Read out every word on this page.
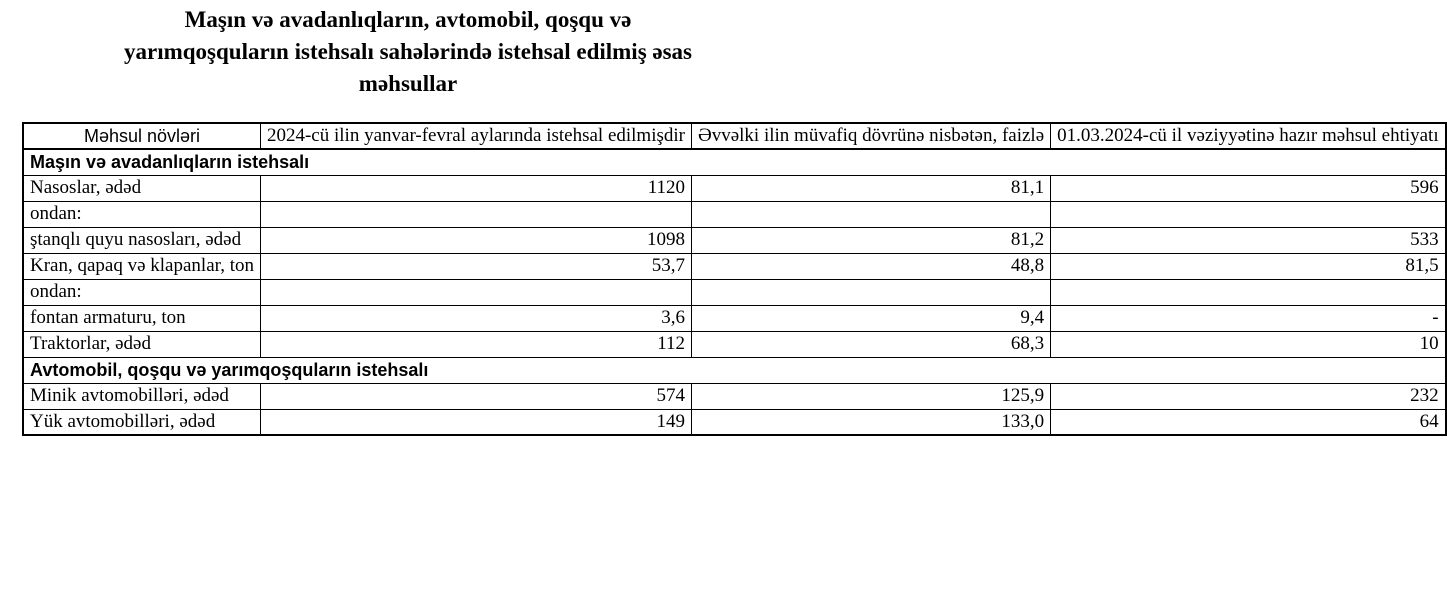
Maşın və avadanlıqların, avtomobil, qoşqu və
yarımqoşquların istehsalı sahələrində istehsal edilmiş əsas
məhsullar
Məhsul növləri	2024-cü ilin yanvar-fevral aylarında istehsal edilmişdir	Əvvəlki ilin müvafiq dövrünə nisbətən, faizlə	01.03.2024-cü il vəziyyətinə hazır məhsul ehtiyatı
Maşın və avadanlıqların istehsalı			
Nasoslar, ədəd	1120	81,1	596
ondan:			
ştanqlı quyu nasosları, ədəd	1098	81,2	533
Kran, qapaq və klapanlar, ton	53,7	48,8	81,5
ondan:			
fontan armaturu, ton	3,6	9,4	-
Traktorlar, ədəd	112	68,3	10
Avtomobil, qoşqu və yarımqoşquların istehsalı			
Minik avtomobilləri, ədəd	574	125,9	232
Yük avtomobilləri, ədəd	149	133,0	64
